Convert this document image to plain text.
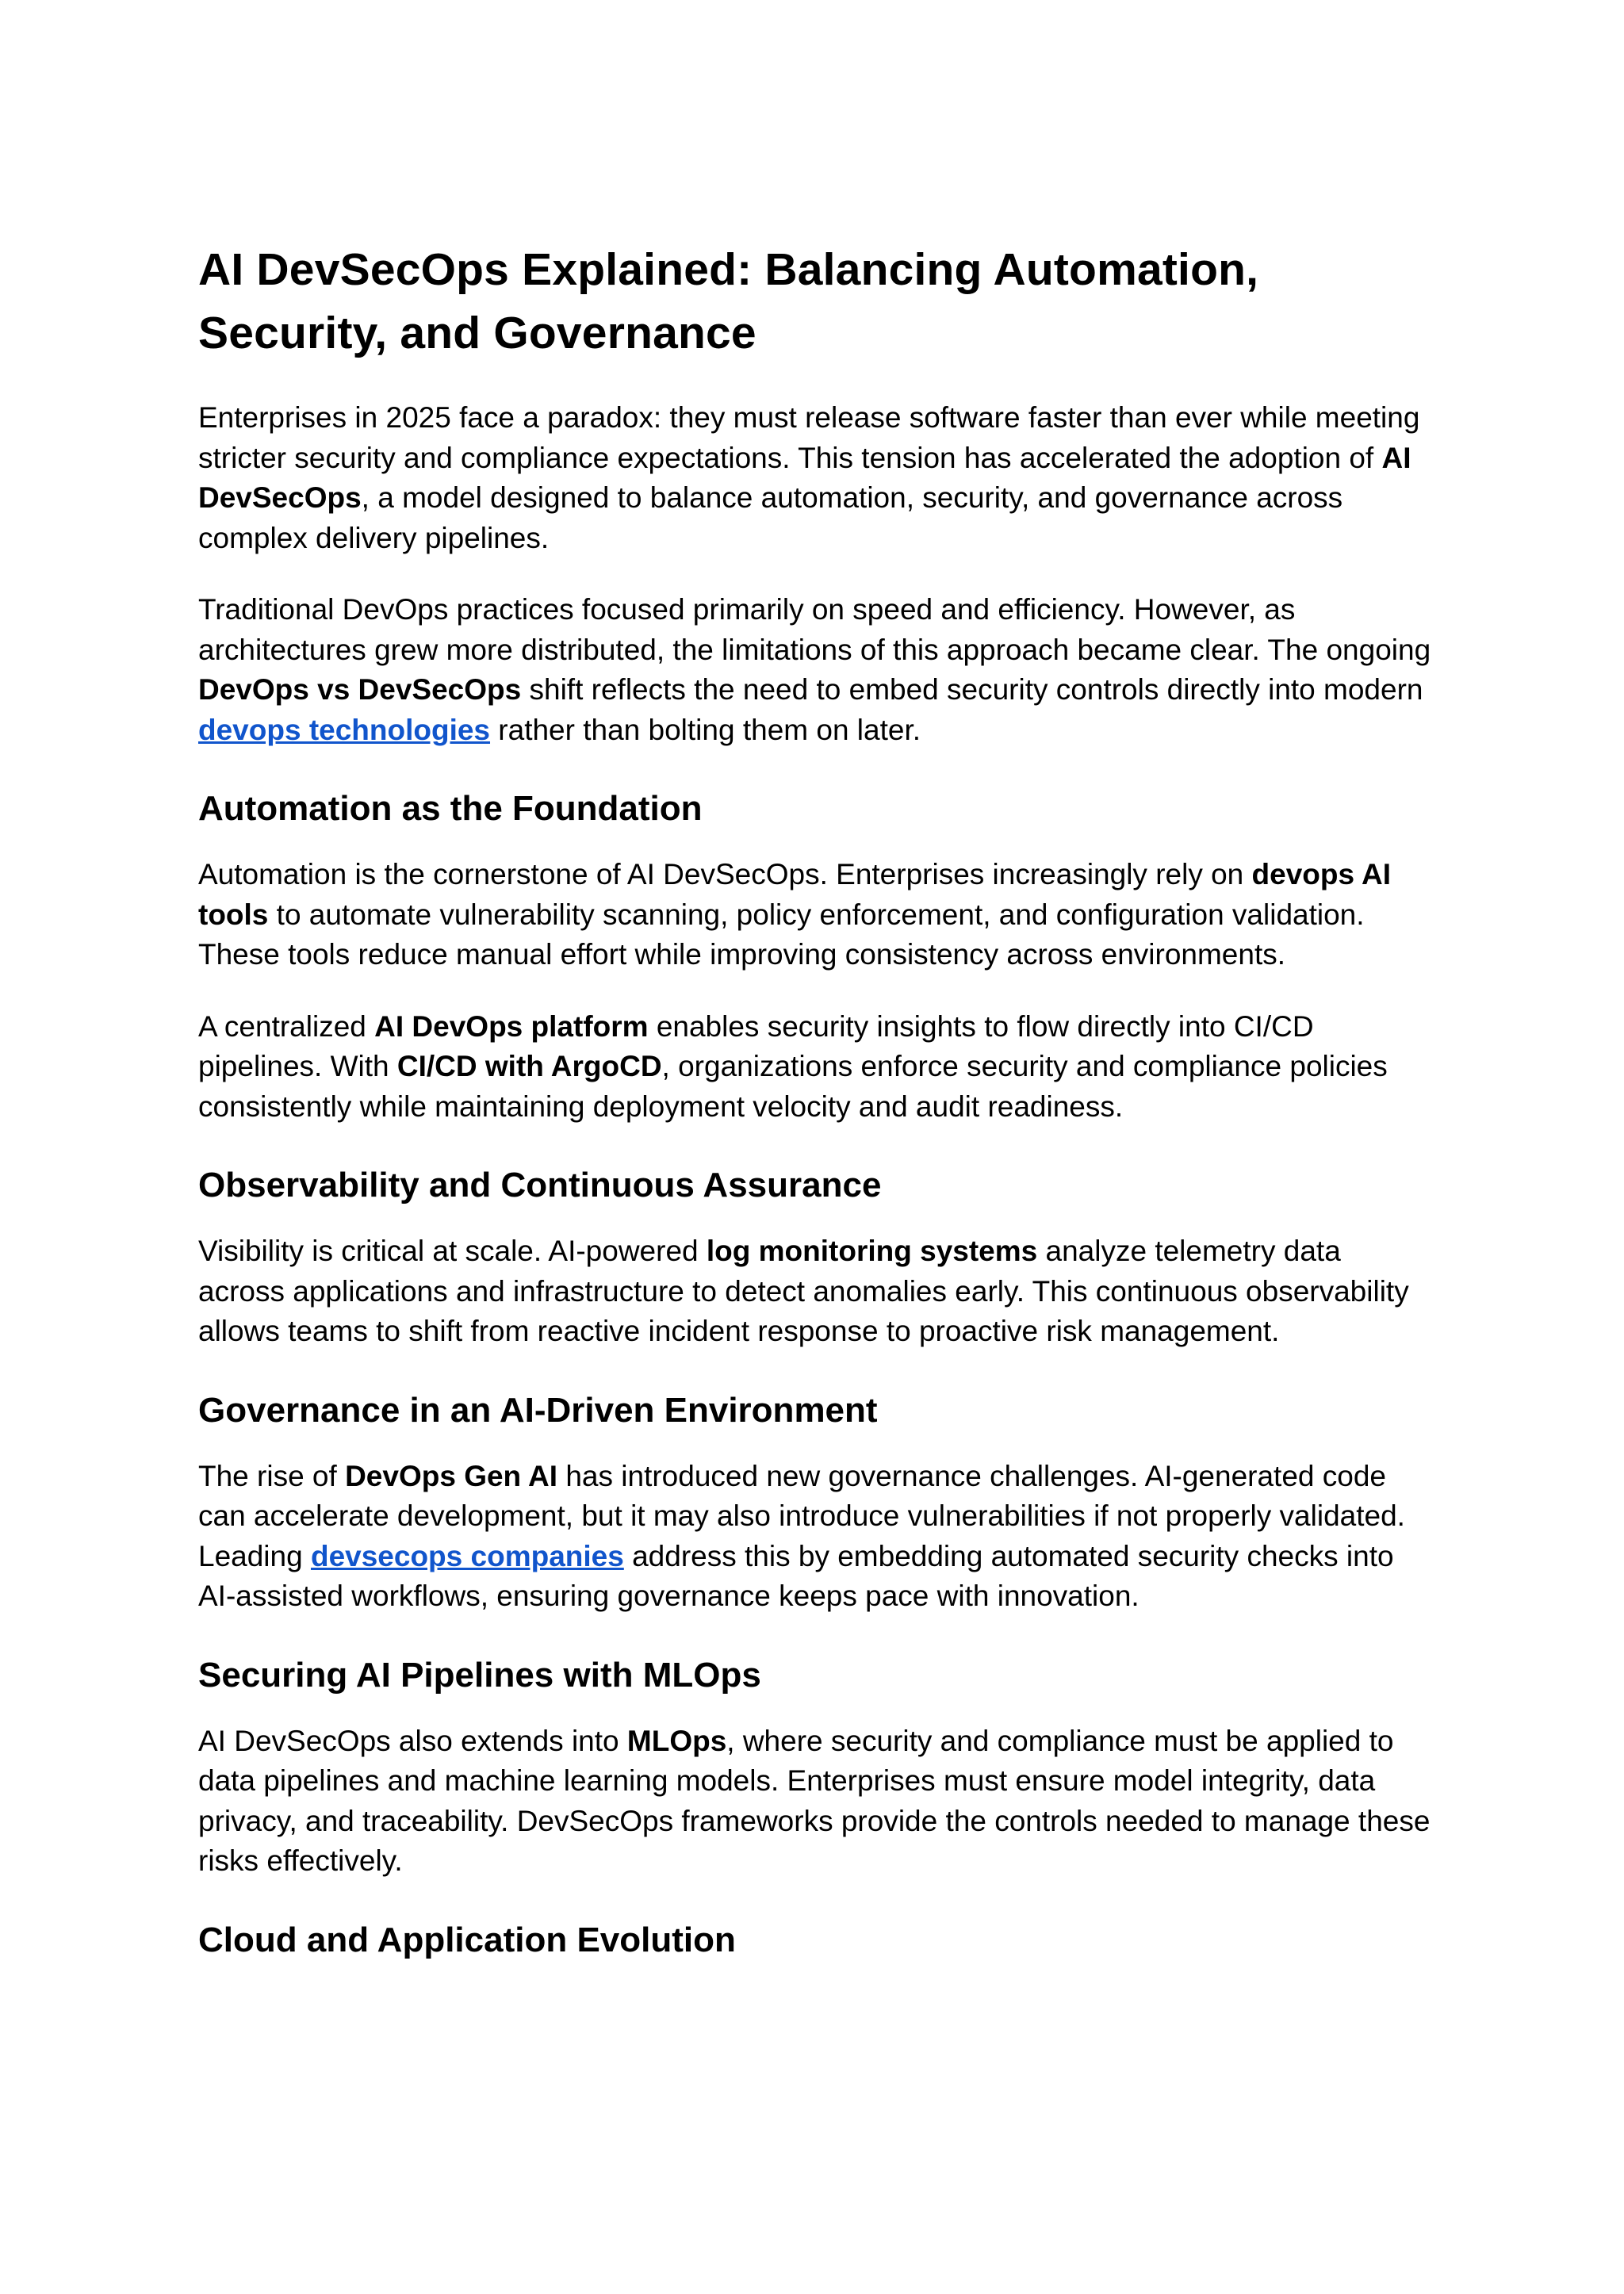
AI DevSecOps Explained: Balancing Automation, Security, and Governance

Enterprises in 2025 face a paradox: they must release software faster than ever while meeting stricter security and compliance expectations. This tension has accelerated the adoption of AI DevSecOps, a model designed to balance automation, security, and governance across complex delivery pipelines.

Traditional DevOps practices focused primarily on speed and efficiency. However, as architectures grew more distributed, the limitations of this approach became clear. The ongoing DevOps vs DevSecOps shift reflects the need to embed security controls directly into modern devops technologies rather than bolting them on later.

Automation as the Foundation

Automation is the cornerstone of AI DevSecOps. Enterprises increasingly rely on devops AI tools to automate vulnerability scanning, policy enforcement, and configuration validation. These tools reduce manual effort while improving consistency across environments.

A centralized AI DevOps platform enables security insights to flow directly into CI/CD pipelines. With CI/CD with ArgoCD, organizations enforce security and compliance policies consistently while maintaining deployment velocity and audit readiness.

Observability and Continuous Assurance

Visibility is critical at scale. AI-powered log monitoring systems analyze telemetry data across applications and infrastructure to detect anomalies early. This continuous observability allows teams to shift from reactive incident response to proactive risk management.

Governance in an AI-Driven Environment

The rise of DevOps Gen AI has introduced new governance challenges. AI-generated code can accelerate development, but it may also introduce vulnerabilities if not properly validated. Leading devsecops companies address this by embedding automated security checks into AI-assisted workflows, ensuring governance keeps pace with innovation.

Securing AI Pipelines with MLOps

AI DevSecOps also extends into MLOps, where security and compliance must be applied to data pipelines and machine learning models. Enterprises must ensure model integrity, data privacy, and traceability. DevSecOps frameworks provide the controls needed to manage these risks effectively.

Cloud and Application Evolution
